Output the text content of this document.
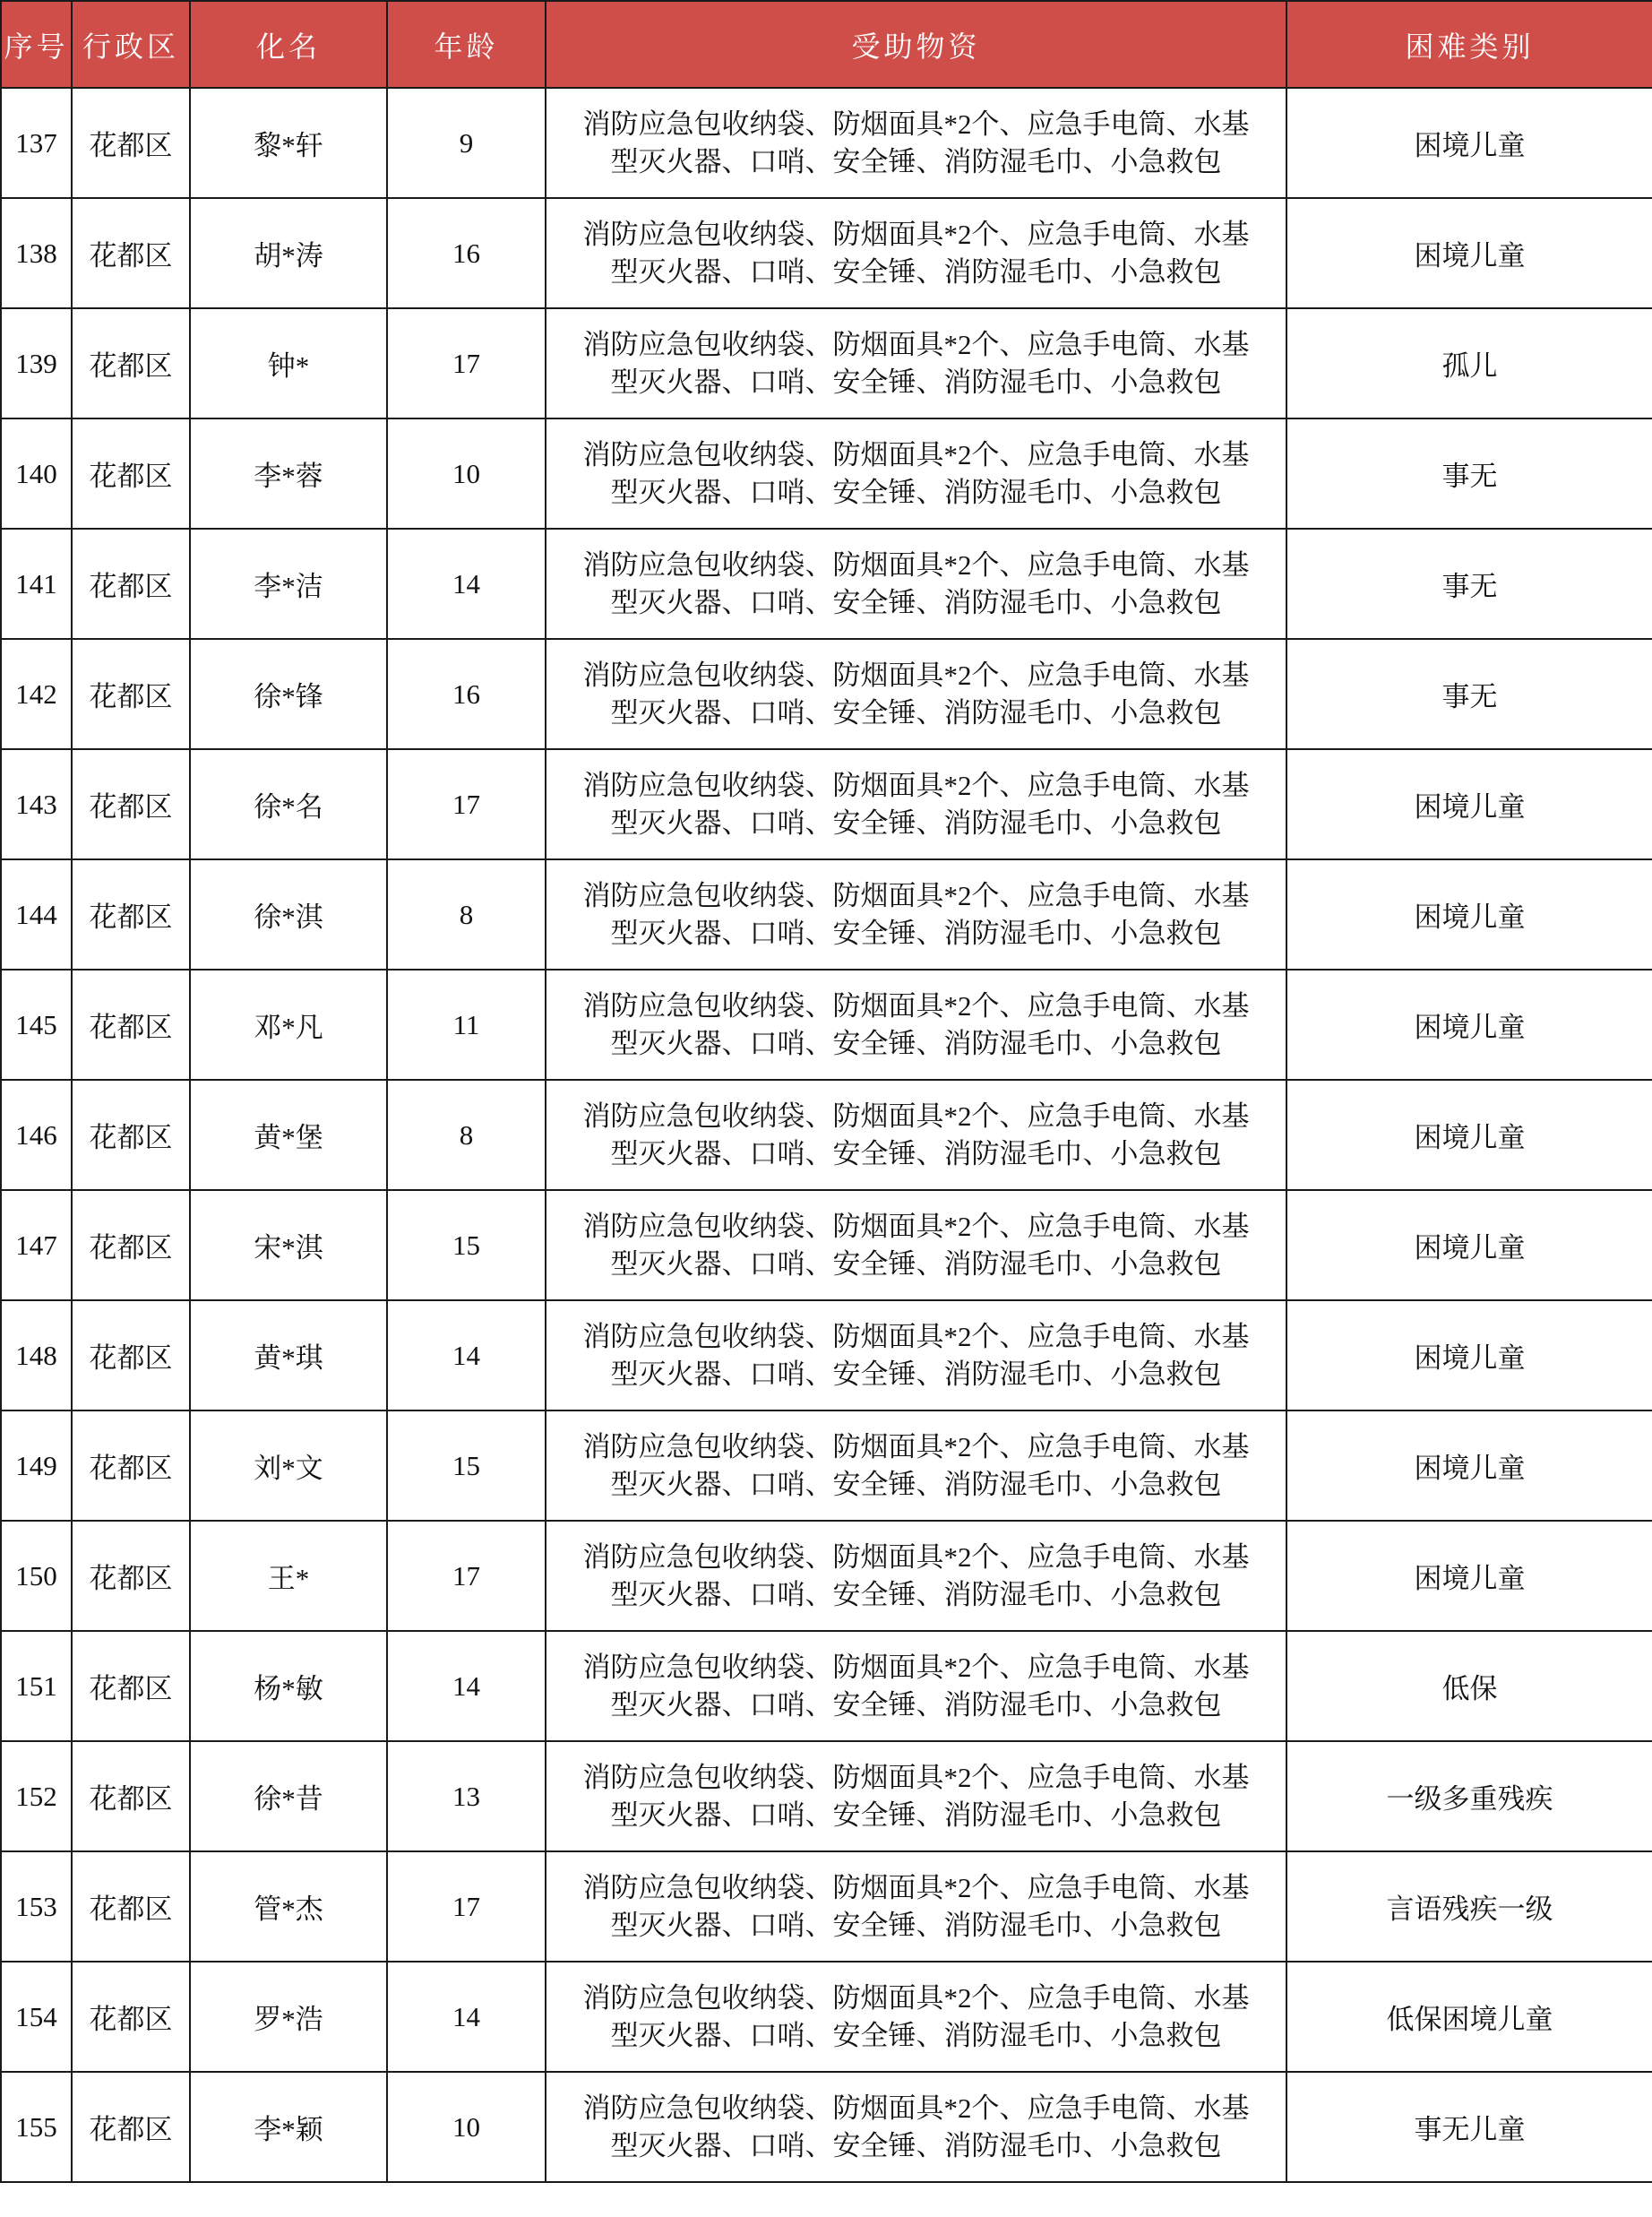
序号	行政区	化名	年龄	受助物资	困难类别
137	花都区	黎*轩	9	消防应急包收纳袋、防烟面具*2个、应急手电筒、水基
型灭火器、口哨、安全锤、消防湿毛巾、小急救包	困境儿童
138	花都区	胡*涛	16	消防应急包收纳袋、防烟面具*2个、应急手电筒、水基
型灭火器、口哨、安全锤、消防湿毛巾、小急救包	困境儿童
139	花都区	钟*	17	消防应急包收纳袋、防烟面具*2个、应急手电筒、水基
型灭火器、口哨、安全锤、消防湿毛巾、小急救包	孤儿
140	花都区	李*蓉	10	消防应急包收纳袋、防烟面具*2个、应急手电筒、水基
型灭火器、口哨、安全锤、消防湿毛巾、小急救包	事无
141	花都区	李*洁	14	消防应急包收纳袋、防烟面具*2个、应急手电筒、水基
型灭火器、口哨、安全锤、消防湿毛巾、小急救包	事无
142	花都区	徐*锋	16	消防应急包收纳袋、防烟面具*2个、应急手电筒、水基
型灭火器、口哨、安全锤、消防湿毛巾、小急救包	事无
143	花都区	徐*名	17	消防应急包收纳袋、防烟面具*2个、应急手电筒、水基
型灭火器、口哨、安全锤、消防湿毛巾、小急救包	困境儿童
144	花都区	徐*淇	8	消防应急包收纳袋、防烟面具*2个、应急手电筒、水基
型灭火器、口哨、安全锤、消防湿毛巾、小急救包	困境儿童
145	花都区	邓*凡	11	消防应急包收纳袋、防烟面具*2个、应急手电筒、水基
型灭火器、口哨、安全锤、消防湿毛巾、小急救包	困境儿童
146	花都区	黄*堡	8	消防应急包收纳袋、防烟面具*2个、应急手电筒、水基
型灭火器、口哨、安全锤、消防湿毛巾、小急救包	困境儿童
147	花都区	宋*淇	15	消防应急包收纳袋、防烟面具*2个、应急手电筒、水基
型灭火器、口哨、安全锤、消防湿毛巾、小急救包	困境儿童
148	花都区	黄*琪	14	消防应急包收纳袋、防烟面具*2个、应急手电筒、水基
型灭火器、口哨、安全锤、消防湿毛巾、小急救包	困境儿童
149	花都区	刘*文	15	消防应急包收纳袋、防烟面具*2个、应急手电筒、水基
型灭火器、口哨、安全锤、消防湿毛巾、小急救包	困境儿童
150	花都区	王*	17	消防应急包收纳袋、防烟面具*2个、应急手电筒、水基
型灭火器、口哨、安全锤、消防湿毛巾、小急救包	困境儿童
151	花都区	杨*敏	14	消防应急包收纳袋、防烟面具*2个、应急手电筒、水基
型灭火器、口哨、安全锤、消防湿毛巾、小急救包	低保
152	花都区	徐*昔	13	消防应急包收纳袋、防烟面具*2个、应急手电筒、水基
型灭火器、口哨、安全锤、消防湿毛巾、小急救包	一级多重残疾
153	花都区	管*杰	17	消防应急包收纳袋、防烟面具*2个、应急手电筒、水基
型灭火器、口哨、安全锤、消防湿毛巾、小急救包	言语残疾一级
154	花都区	罗*浩	14	消防应急包收纳袋、防烟面具*2个、应急手电筒、水基
型灭火器、口哨、安全锤、消防湿毛巾、小急救包	低保困境儿童
155	花都区	李*颖	10	消防应急包收纳袋、防烟面具*2个、应急手电筒、水基
型灭火器、口哨、安全锤、消防湿毛巾、小急救包	事无儿童
